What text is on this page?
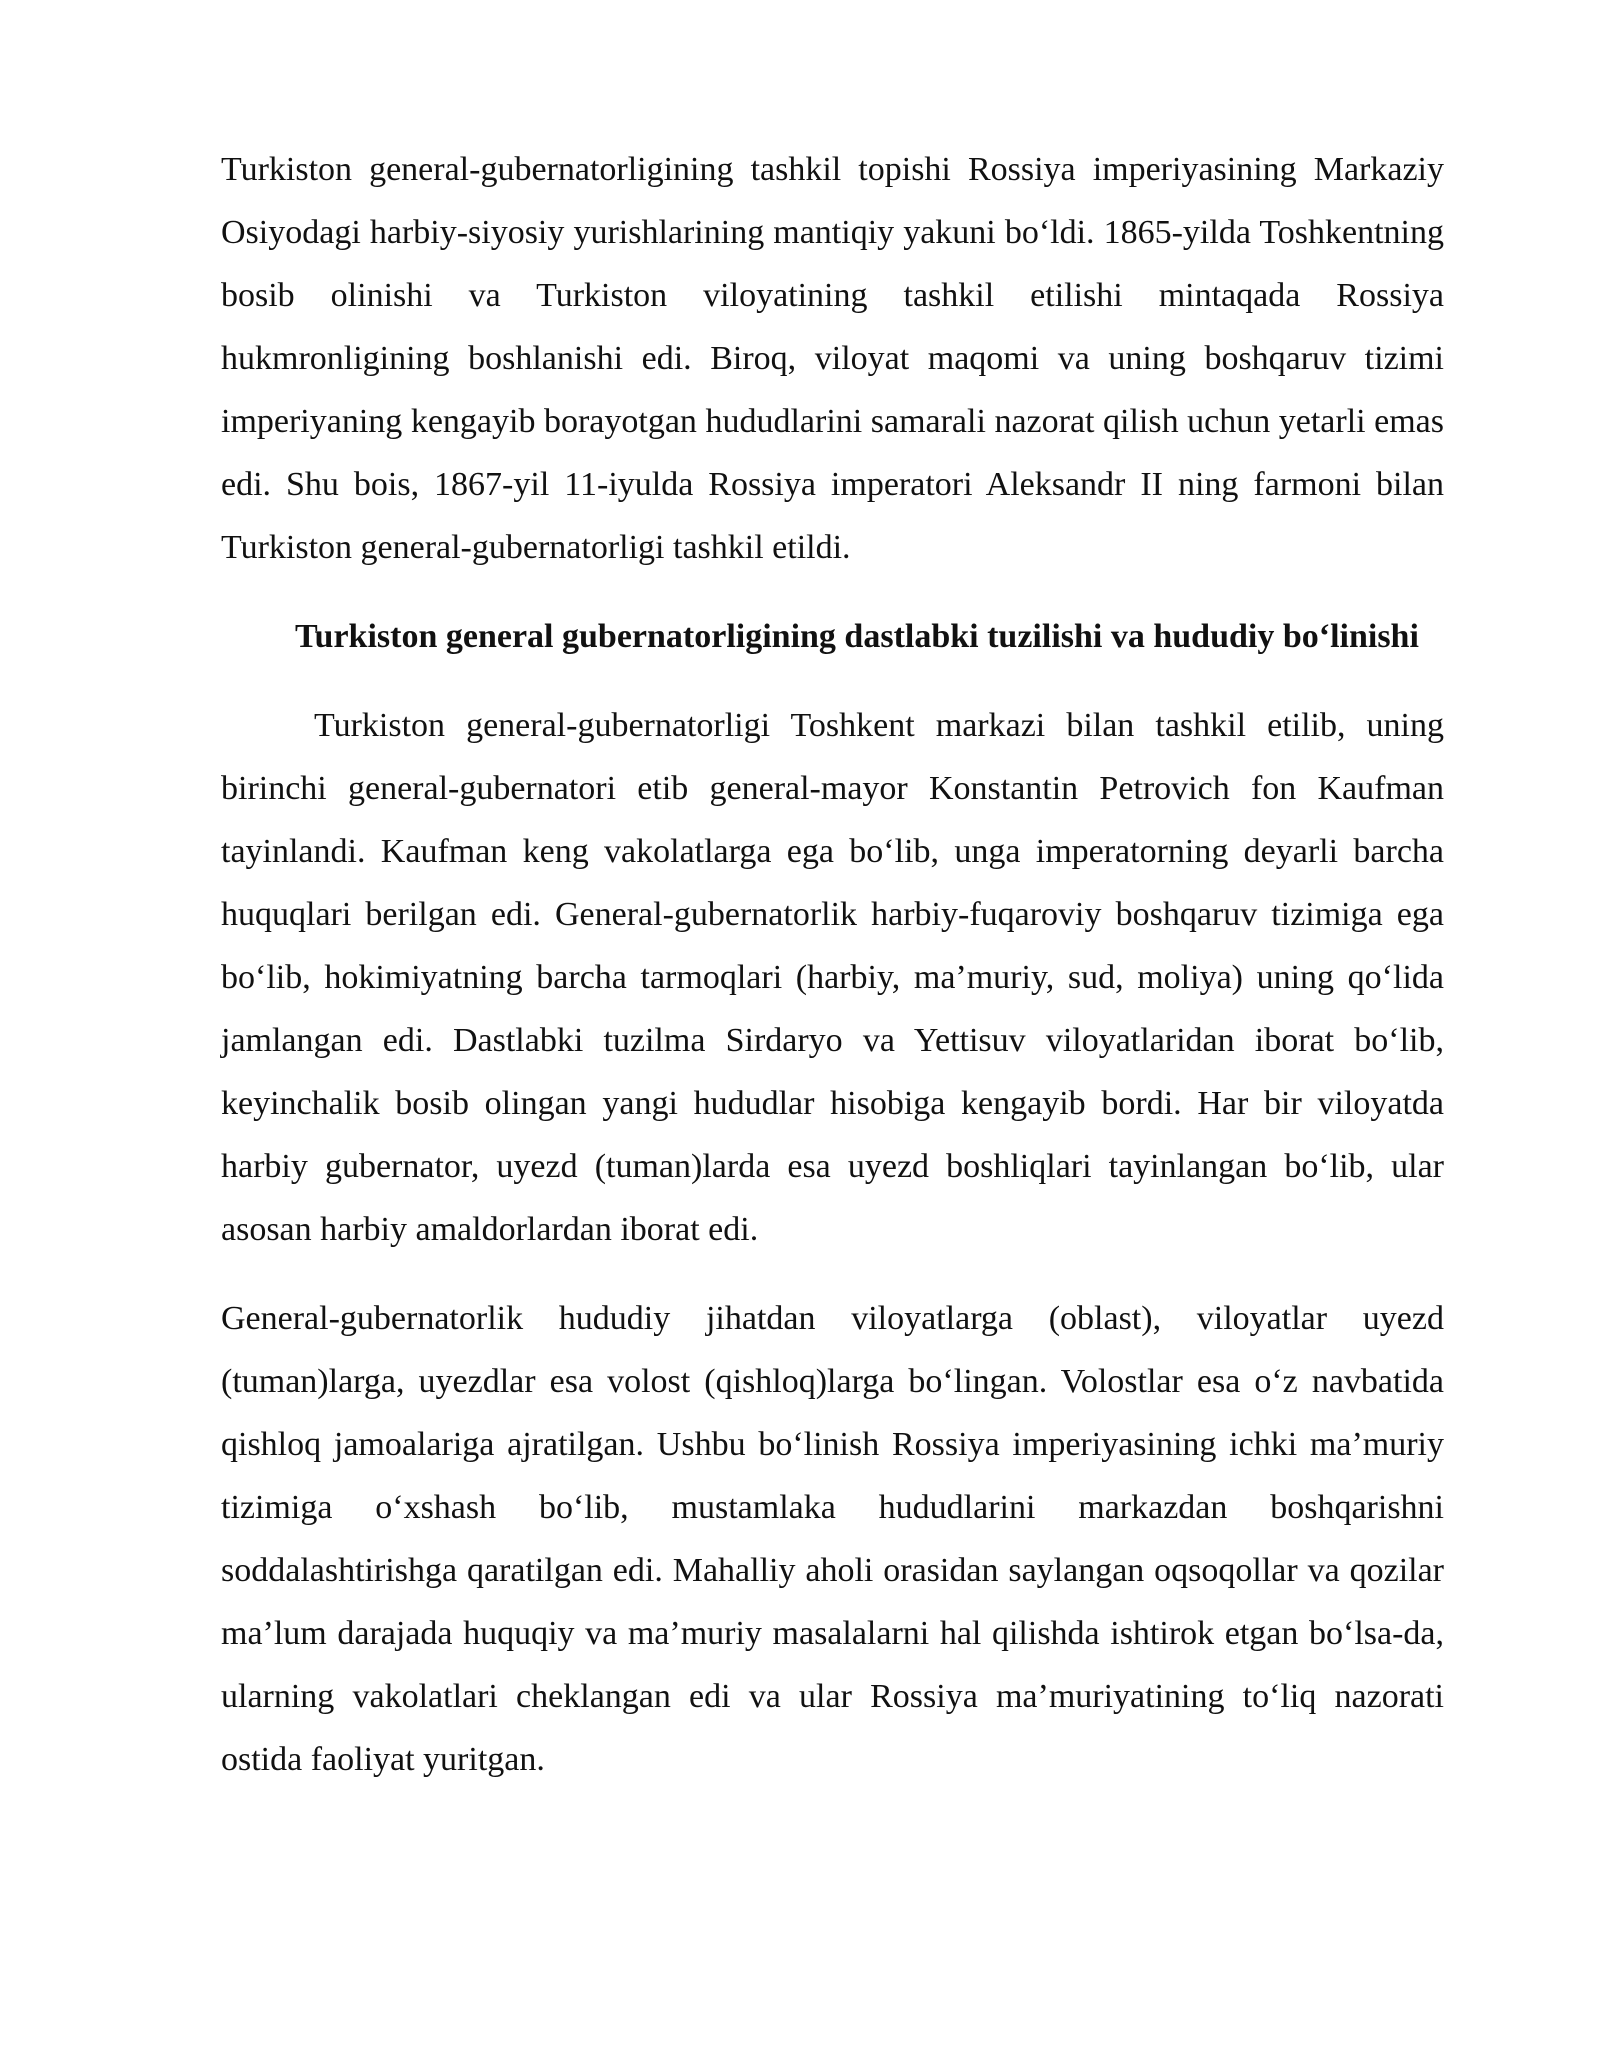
Turkiston general-gubernatorligining tashkil topishi Rossiya imperiyasining Markaziy Osiyodagi harbiy-siyosiy yurishlarining mantiqiy yakuni bo‘ldi. 1865-yilda Toshkentning bosib olinishi va Turkiston viloyatining tashkil etilishi mintaqada Rossiya hukmronligining boshlanishi edi. Biroq, viloyat maqomi va uning boshqaruv tizimi imperiyaning kengayib borayotgan hududlarini samarali nazorat qilish uchun yetarli emas edi. Shu bois, 1867-yil 11-iyulda Rossiya imperatori Aleksandr II ning farmoni bilan Turkiston general-gubernatorligi tashkil etildi.

Turkiston general gubernatorligining dastlabki tuzilishi va hududiy bo‘linishi

Turkiston general-gubernatorligi Toshkent markazi bilan tashkil etilib, uning birinchi general-gubernatori etib general-mayor Konstantin Petrovich fon Kaufman tayinlandi. Kaufman keng vakolatlarga ega bo‘lib, unga imperatorning deyarli barcha huquqlari berilgan edi. General-gubernatorlik harbiy-fuqaroviy boshqaruv tizimiga ega bo‘lib, hokimiyatning barcha tarmoqlari (harbiy, ma’muriy, sud, moliya) uning qo‘lida jamlangan edi. Dastlabki tuzilma Sirdaryo va Yettisuv viloyatlaridan iborat bo‘lib, keyinchalik bosib olingan yangi hududlar hisobiga kengayib bordi. Har bir viloyatda harbiy gubernator, uyezd (tuman)larda esa uyezd boshliqlari tayinlangan bo‘lib, ular asosan harbiy amaldorlardan iborat edi.

General-gubernatorlik hududiy jihatdan viloyatlarga (oblast), viloyatlar uyezd (tuman)larga, uyezdlar esa volost (qishloq)larga bo‘lingan. Volostlar esa o‘z navbatida qishloq jamoalariga ajratilgan. Ushbu bo‘linish Rossiya imperiyasining ichki ma’muriy tizimiga o‘xshash bo‘lib, mustamlaka hududlarini markazdan boshqarishni soddalashtirishga qaratilgan edi. Mahalliy aholi orasidan saylangan oqsoqollar va qozilar ma’lum darajada huquqiy va ma’muriy masalalarni hal qilishda ishtirok etgan bo‘lsa-da, ularning vakolatlari cheklangan edi va ular Rossiya ma’muriyatining to‘liq nazorati ostida faoliyat yuritgan.
